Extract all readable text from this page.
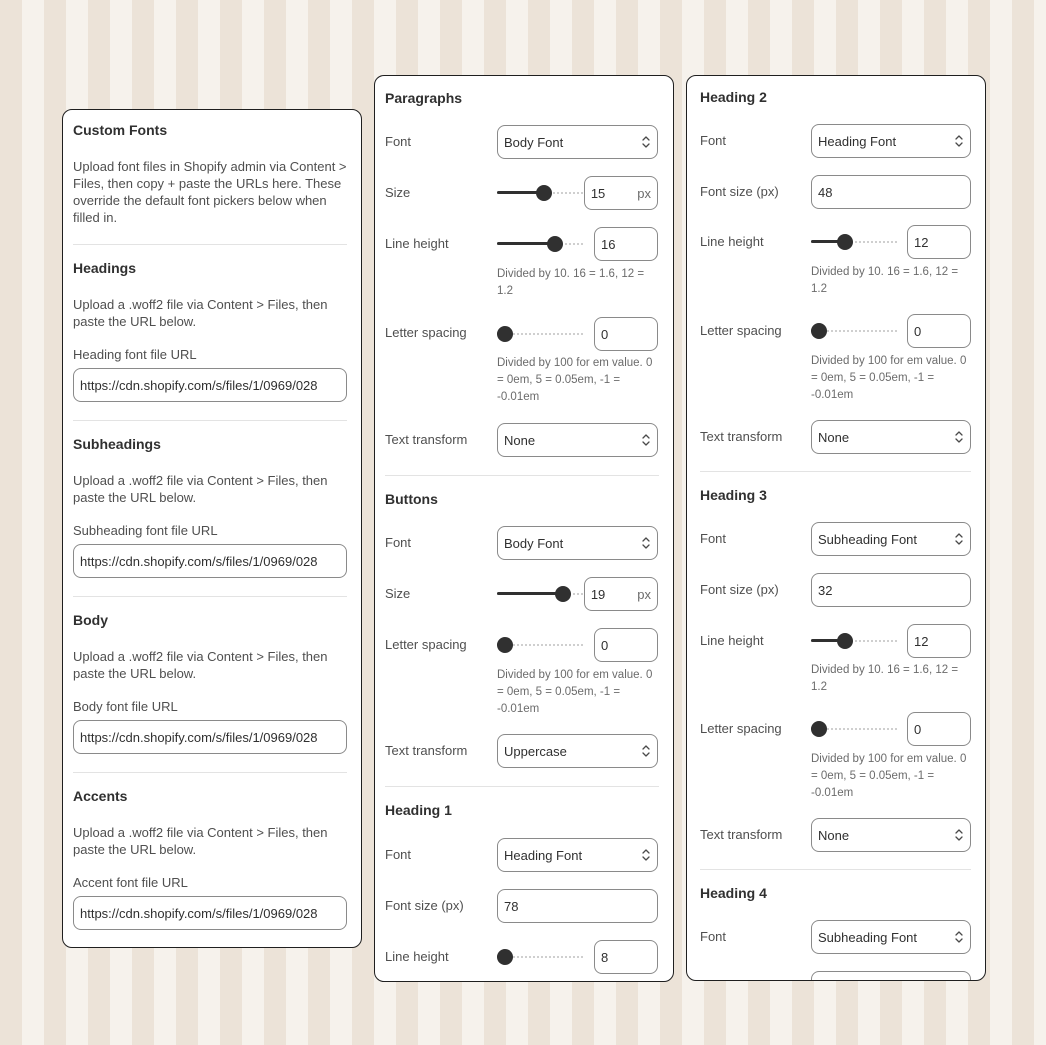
Custom Fonts
Upload font files in Shopify admin via Content > Files, then copy + paste the URLs here. These override the default font pickers below when filled in.
Headings
Upload a .woff2 file via Content > Files, then paste the URL below.
Heading font file URL
https://cdn.shopify.com/s/files/1/0969/028
Subheadings
Upload a .woff2 file via Content > Files, then paste the URL below.
Subheading font file URL
https://cdn.shopify.com/s/files/1/0969/028
Body
Upload a .woff2 file via Content > Files, then paste the URL below.
Body font file URL
https://cdn.shopify.com/s/files/1/0969/028
Accents
Upload a .woff2 file via Content > Files, then paste the URL below.
Accent font file URL
https://cdn.shopify.com/s/files/1/0969/028
Paragraphs
Font	Body Font
Size	15 px
Line height	16
Divided by 10. 16 = 1.6, 12 = 1.2
Letter spacing	0
Divided by 100 for em value. 0 = 0em, 5 = 0.05em, -1 = -0.01em
Text transform	None
Buttons
Font	Body Font
Size	19 px
Letter spacing	0
Divided by 100 for em value. 0 = 0em, 5 = 0.05em, -1 = -0.01em
Text transform	Uppercase
Heading 1
Font	Heading Font
Font size (px)	78
Line height	8
Heading 2
Font	Heading Font
Font size (px)	48
Line height	12
Divided by 10. 16 = 1.6, 12 = 1.2
Letter spacing	0
Divided by 100 for em value. 0 = 0em, 5 = 0.05em, -1 = -0.01em
Text transform	None
Heading 3
Font	Subheading Font
Font size (px)	32
Line height	12
Divided by 10. 16 = 1.6, 12 = 1.2
Letter spacing	0
Divided by 100 for em value. 0 = 0em, 5 = 0.05em, -1 = -0.01em
Text transform	None
Heading 4
Font	Subheading Font
